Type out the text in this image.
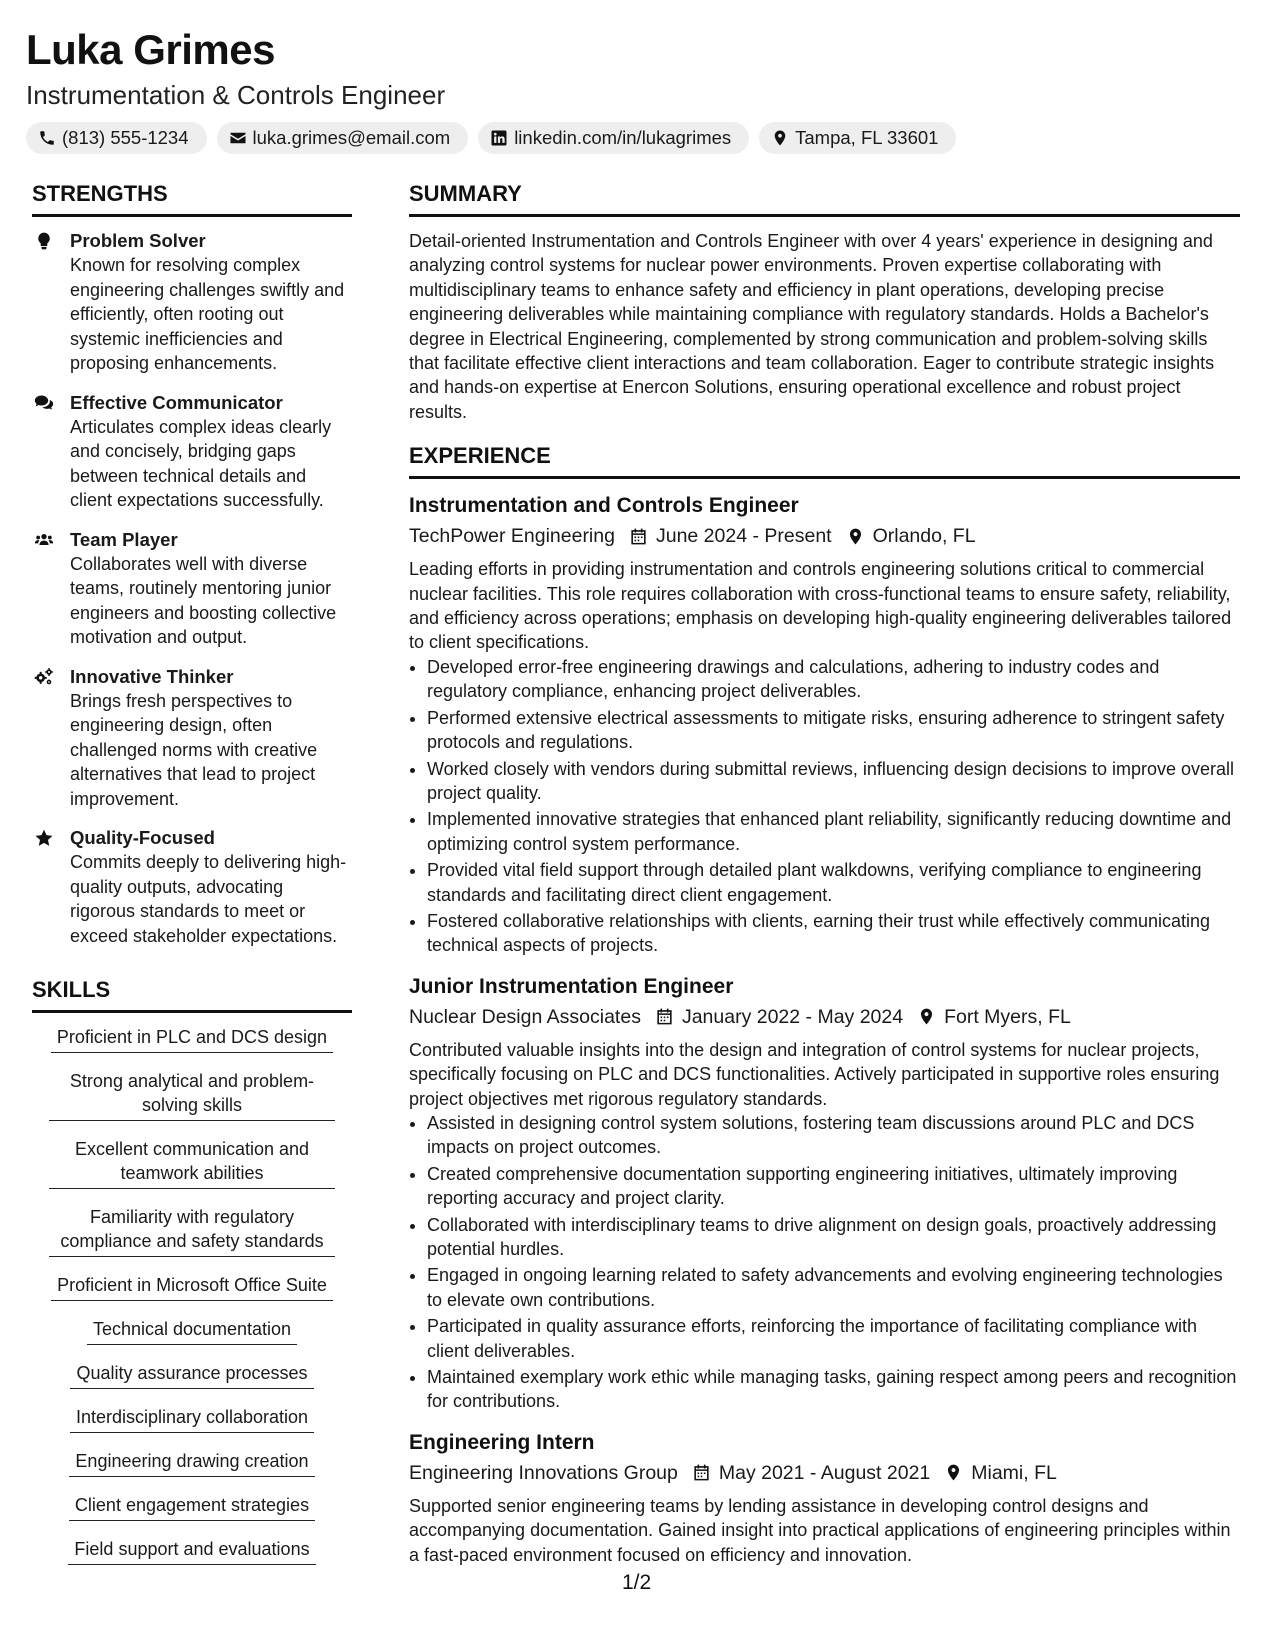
Luka Grimes

Instrumentation & Controls Engineer

(813) 555-1234	luka.grimes@email.com	linkedin.com/in/lukagrimes	Tampa, FL 33601
STRENGTHS

Problem Solver

Known for resolving complex engineering challenges swiftly and efficiently, often rooting out systemic inefficiencies and proposing enhancements.

Effective Communicator

Articulates complex ideas clearly and concisely, bridging gaps between technical details and client expectations successfully.

Team Player

Collaborates well with diverse teams, routinely mentoring junior engineers and boosting collective motivation and output.

Innovative Thinker

Brings fresh perspectives to engineering design, often challenged norms with creative alternatives that lead to project improvement.

Quality-Focused

Commits deeply to delivering high-quality outputs, advocating rigorous standards to meet or exceed stakeholder expectations.

SKILLS
Proficient in PLC and DCS design
Strong analytical and problem-solving skills
Excellent communication and teamwork abilities
Familiarity with regulatory compliance and safety standards
Proficient in Microsoft Office Suite
Technical documentation
Quality assurance processes
Interdisciplinary collaboration
Engineering drawing creation
Client engagement strategies
Field support and evaluations
SUMMARY

Detail-oriented Instrumentation and Controls Engineer with over 4 years' experience in designing and analyzing control systems for nuclear power environments. Proven expertise collaborating with multidisciplinary teams to enhance safety and efficiency in plant operations, developing precise engineering deliverables while maintaining compliance with regulatory standards. Holds a Bachelor's degree in Electrical Engineering, complemented by strong communication and problem-solving skills that facilitate effective client interactions and team collaboration. Eager to contribute strategic insights and hands-on expertise at Enercon Solutions, ensuring operational excellence and robust project results.

EXPERIENCE

Instrumentation and Controls Engineer

TechPower Engineering June 2024 - Present Orlando, FL

Leading efforts in providing instrumentation and controls engineering solutions critical to commercial nuclear facilities. This role requires collaboration with cross-functional teams to ensure safety, reliability, and efficiency across operations; emphasis on developing high-quality engineering deliverables tailored to client specifications.

• Developed error-free engineering drawings and calculations, adhering to industry codes and regulatory compliance, enhancing project deliverables.
• Performed extensive electrical assessments to mitigate risks, ensuring adherence to stringent safety protocols and regulations.
• Worked closely with vendors during submittal reviews, influencing design decisions to improve overall project quality.
• Implemented innovative strategies that enhanced plant reliability, significantly reducing downtime and optimizing control system performance.
• Provided vital field support through detailed plant walkdowns, verifying compliance to engineering standards and facilitating direct client engagement.
• Fostered collaborative relationships with clients, earning their trust while effectively communicating technical aspects of projects.

Junior Instrumentation Engineer

Nuclear Design Associates January 2022 - May 2024 Fort Myers, FL

Contributed valuable insights into the design and integration of control systems for nuclear projects, specifically focusing on PLC and DCS functionalities. Actively participated in supportive roles ensuring project objectives met rigorous regulatory standards.

• Assisted in designing control system solutions, fostering team discussions around PLC and DCS impacts on project outcomes.
• Created comprehensive documentation supporting engineering initiatives, ultimately improving reporting accuracy and project clarity.
• Collaborated with interdisciplinary teams to drive alignment on design goals, proactively addressing potential hurdles.
• Engaged in ongoing learning related to safety advancements and evolving engineering technologies to elevate own contributions.
• Participated in quality assurance efforts, reinforcing the importance of facilitating compliance with client deliverables.
• Maintained exemplary work ethic while managing tasks, gaining respect among peers and recognition for contributions.

Engineering Intern

Engineering Innovations Group May 2021 - August 2021 Miami, FL

Supported senior engineering teams by lending assistance in developing control designs and accompanying documentation. Gained insight into practical applications of engineering principles within a fast-paced environment focused on efficiency and innovation.

1/2
